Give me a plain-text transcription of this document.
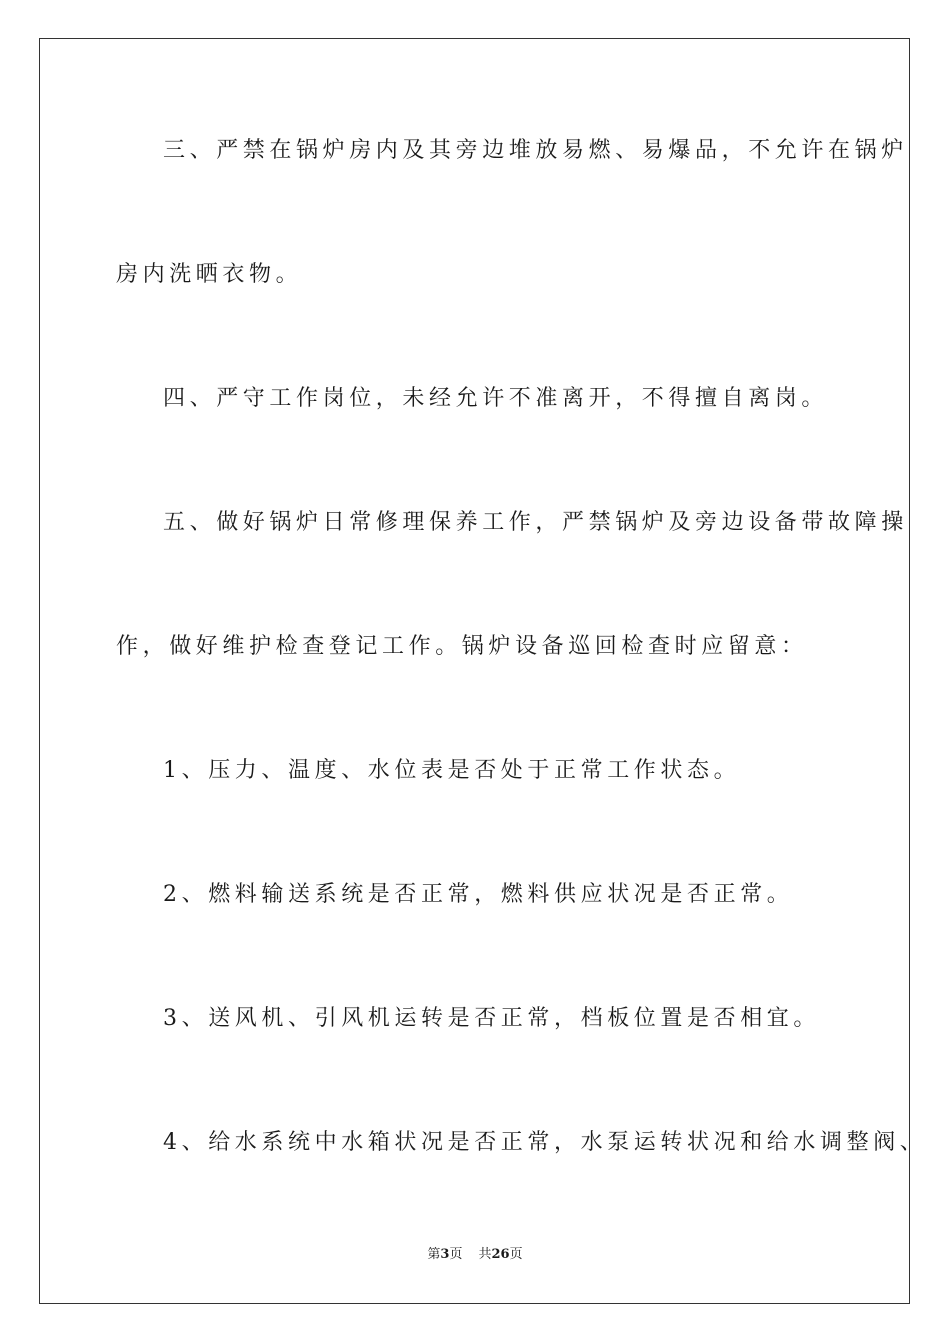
三、严禁在锅炉房内及其旁边堆放易燃、易爆品，不允许在锅炉
房内洗晒衣物。
四、严守工作岗位，未经允许不准离开，不得擅自离岗。
五、做好锅炉日常修理保养工作，严禁锅炉及旁边设备带故障操
作，做好维护检查登记工作。锅炉设备巡回检查时应留意：
1、压力、温度、水位表是否处于正常工作状态。
2、燃料输送系统是否正常，燃料供应状况是否正常。
3、送风机、引风机运转是否正常，档板位置是否相宜。
4、给水系统中水箱状况是否正常，水泵运转状况和给水调整阀、
第3页 共26页
